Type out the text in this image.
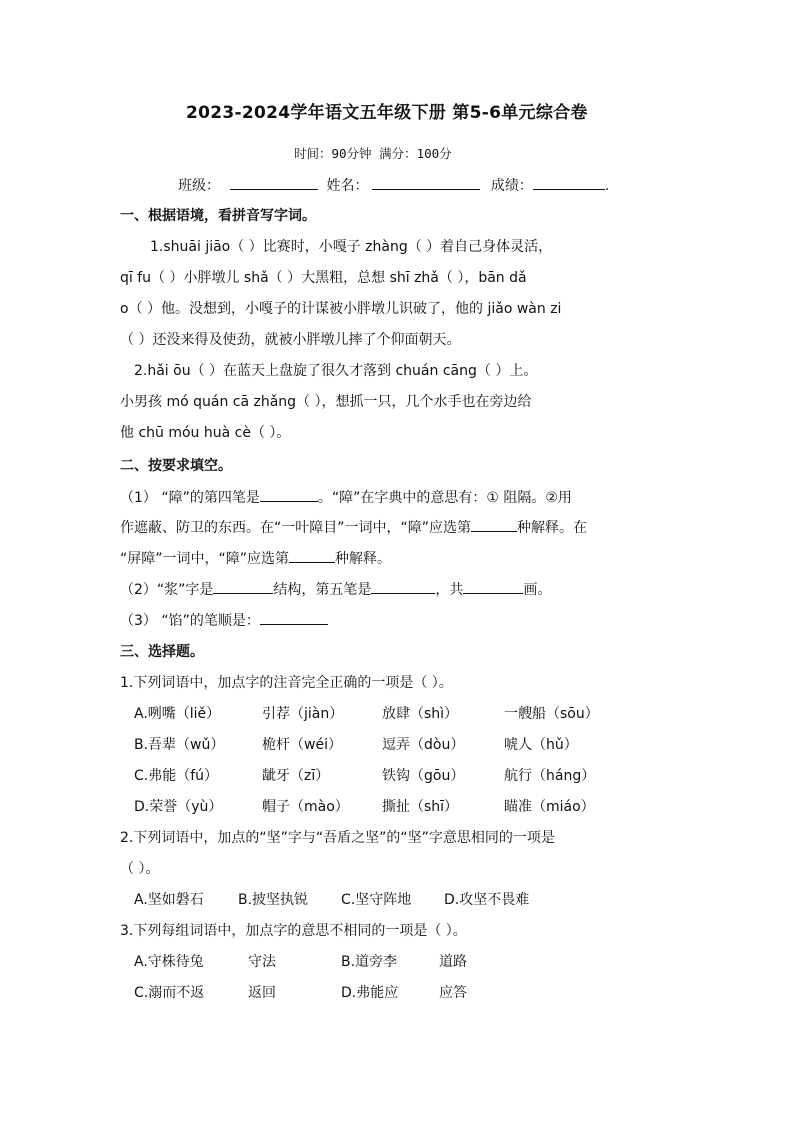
2023-2024学年语文五年级下册 第5-6单元综合卷
时间：90分钟 满分：100分
班级：	姓名：	成绩：	.
一、根据语境，看拼音写字词。
1.shuāi jiāo（ ）比赛时，小嘎子 zhàng（ ）着自己身体灵活，
qī fu（ ）小胖墩儿 shǎ（ ）大黑粗，总想 shī zhǎ（ ），bān dǎ
o（ ）他。没想到，小嘎子的计谋被小胖墩儿识破了，他的 jiǎo wàn zi
（ ）还没来得及使劲，就被小胖墩儿摔了个仰面朝天。
2.hǎi ōu（ ）在蓝天上盘旋了很久才落到 chuán cāng（ ）上。
小男孩 mó quán cā zhǎng（ ），想抓一只，几个水手也在旁边给
他 chū móu huà cè（ ）。
二、按要求填空。
（1） “障”的第四笔是	。“障”在字典中的意思有：① 阻隔。②用
作遮蔽、防卫的东西。在“一叶障目”一词中，“障”应选第	种解释。在
“屏障”一词中，“障”应选第	种解释。
（2）“浆”字是	结构，第五笔是	，共	画。
（3） “馅”的笔顺是：
三、选择题。
1.下列词语中，加点字的注音完全正确的一项是（ ）。
A.咧嘴（liě）	引荐（jiàn）	放肆（shì）	一艘船（sōu）
B.吾辈（wǔ）	桅杆（wéi）	逗弄（dòu）	唬人（hǔ）
C.弗能（fú）	龇牙（zī）	铁钩（gōu）	航行（háng）
D.荣誉（yù）	帽子（mào） 撕扯（shī）	瞄准（miáo）
2.下列词语中，加点的“坚”字与“吾盾之坚”的“坚”字意思相同的一项是
（ ）。
A.坚如磐石 B.披坚执锐 C.坚守阵地 D.攻坚不畏难
3.下列每组词语中，加点字的意思不相同的一项是（ ）。
A.守株待兔	守法	B.道旁李	道路
C.溺而不返	返回	D.弗能应	应答
